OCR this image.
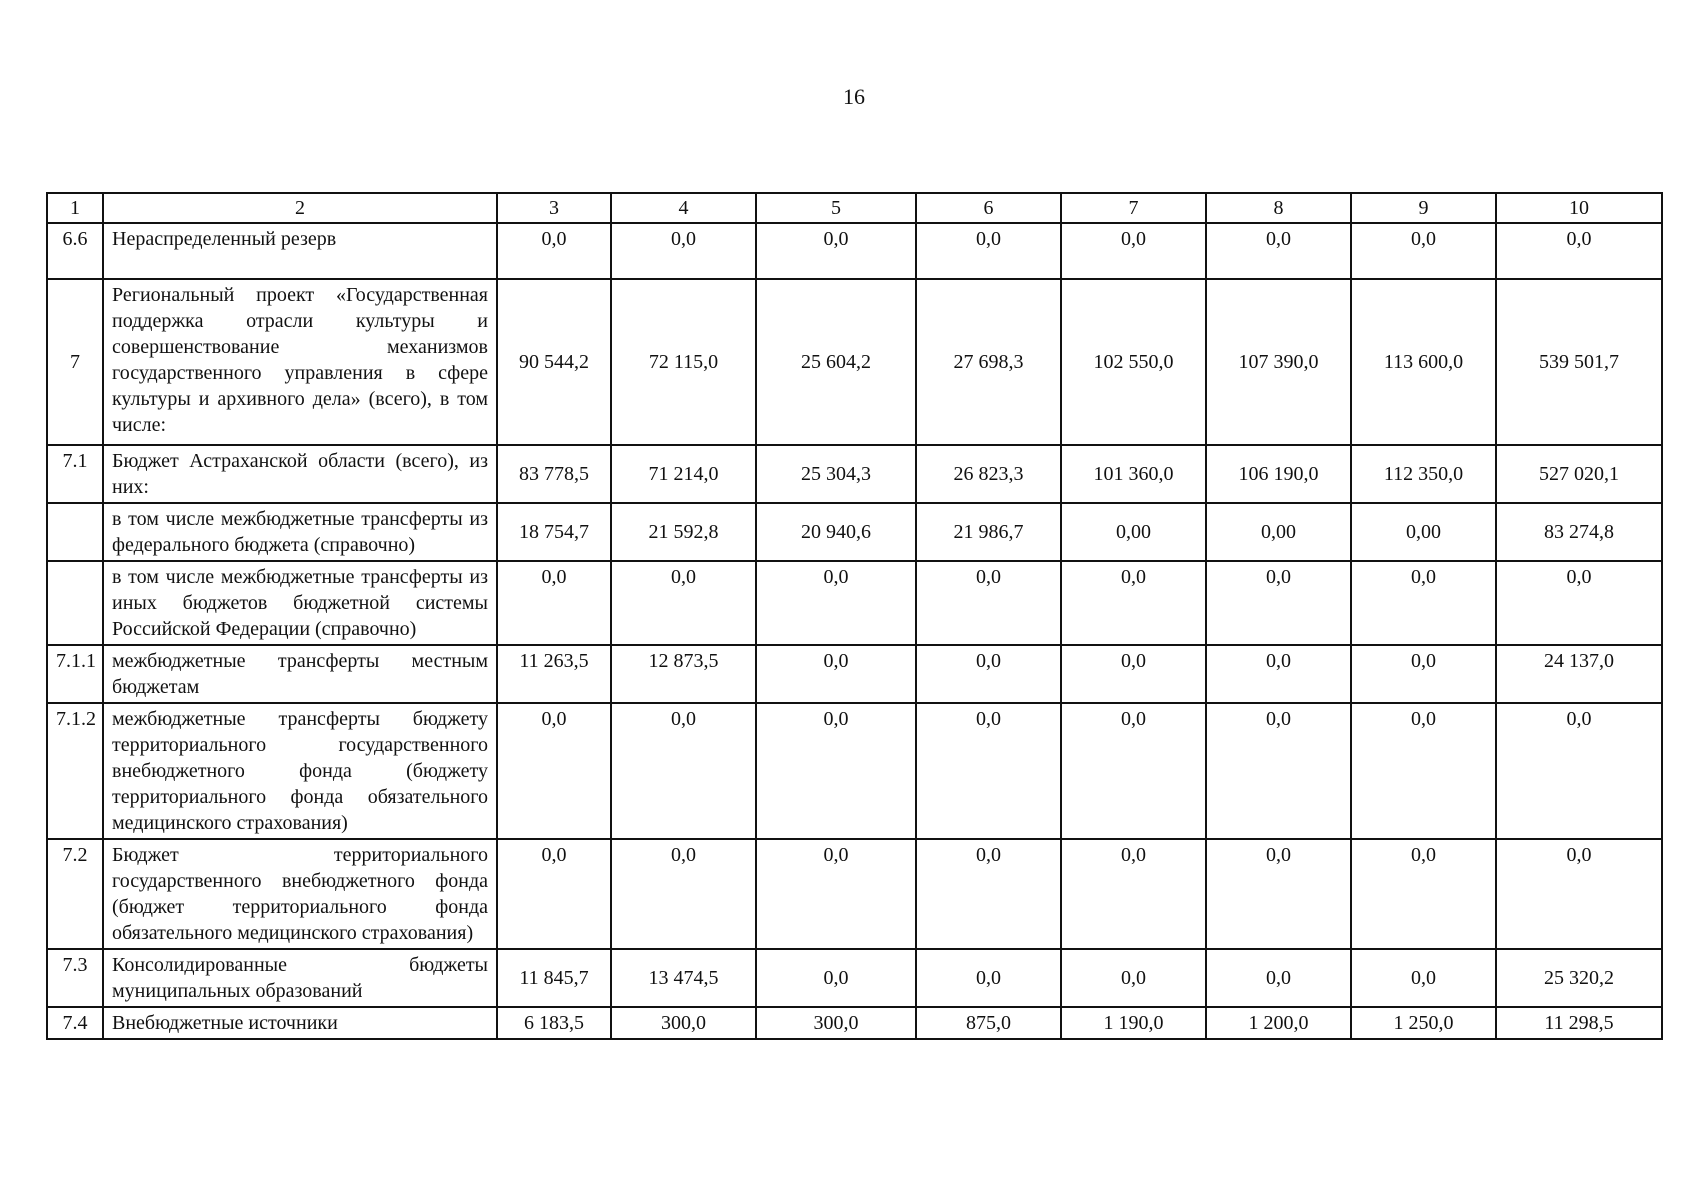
16
1	2	3	4	5	6	7	8	9	10
6.6	Нераспределенный резерв	0,0	0,0	0,0	0,0	0,0	0,0	0,0	0,0
7	Региональный проект «Государственная поддержка отрасли культуры и совершенствование механизмов государственного управления в сфере культуры и архивного дела» (всего), в том числе:	90 544,2	72 115,0	25 604,2	27 698,3	102 550,0	107 390,0	113 600,0	539 501,7
7.1	Бюджет Астраханской области (всего), из них:	83 778,5	71 214,0	25 304,3	26 823,3	101 360,0	106 190,0	112 350,0	527 020,1
	в том числе межбюджетные трансферты из федерального бюджета (справочно)	18 754,7	21 592,8	20 940,6	21 986,7	0,00	0,00	0,00	83 274,8
	в том числе межбюджетные трансферты из иных бюджетов бюджетной системы Российской Федерации (справочно)	0,0	0,0	0,0	0,0	0,0	0,0	0,0	0,0
7.1.1	межбюджетные трансферты местным бюджетам	11 263,5	12 873,5	0,0	0,0	0,0	0,0	0,0	24 137,0
7.1.2	межбюджетные трансферты бюджету территориального государственного внебюджетного фонда (бюджету территориального фонда обязательного медицинского страхования)	0,0	0,0	0,0	0,0	0,0	0,0	0,0	0,0
7.2	Бюджет территориального государственного внебюджетного фонда (бюджет территориального фонда обязательного медицинского страхования)	0,0	0,0	0,0	0,0	0,0	0,0	0,0	0,0
7.3	Консолидированные бюджеты муниципальных образований	11 845,7	13 474,5	0,0	0,0	0,0	0,0	0,0	25 320,2
7.4	Внебюджетные источники	6 183,5	300,0	300,0	875,0	1 190,0	1 200,0	1 250,0	11 298,5
